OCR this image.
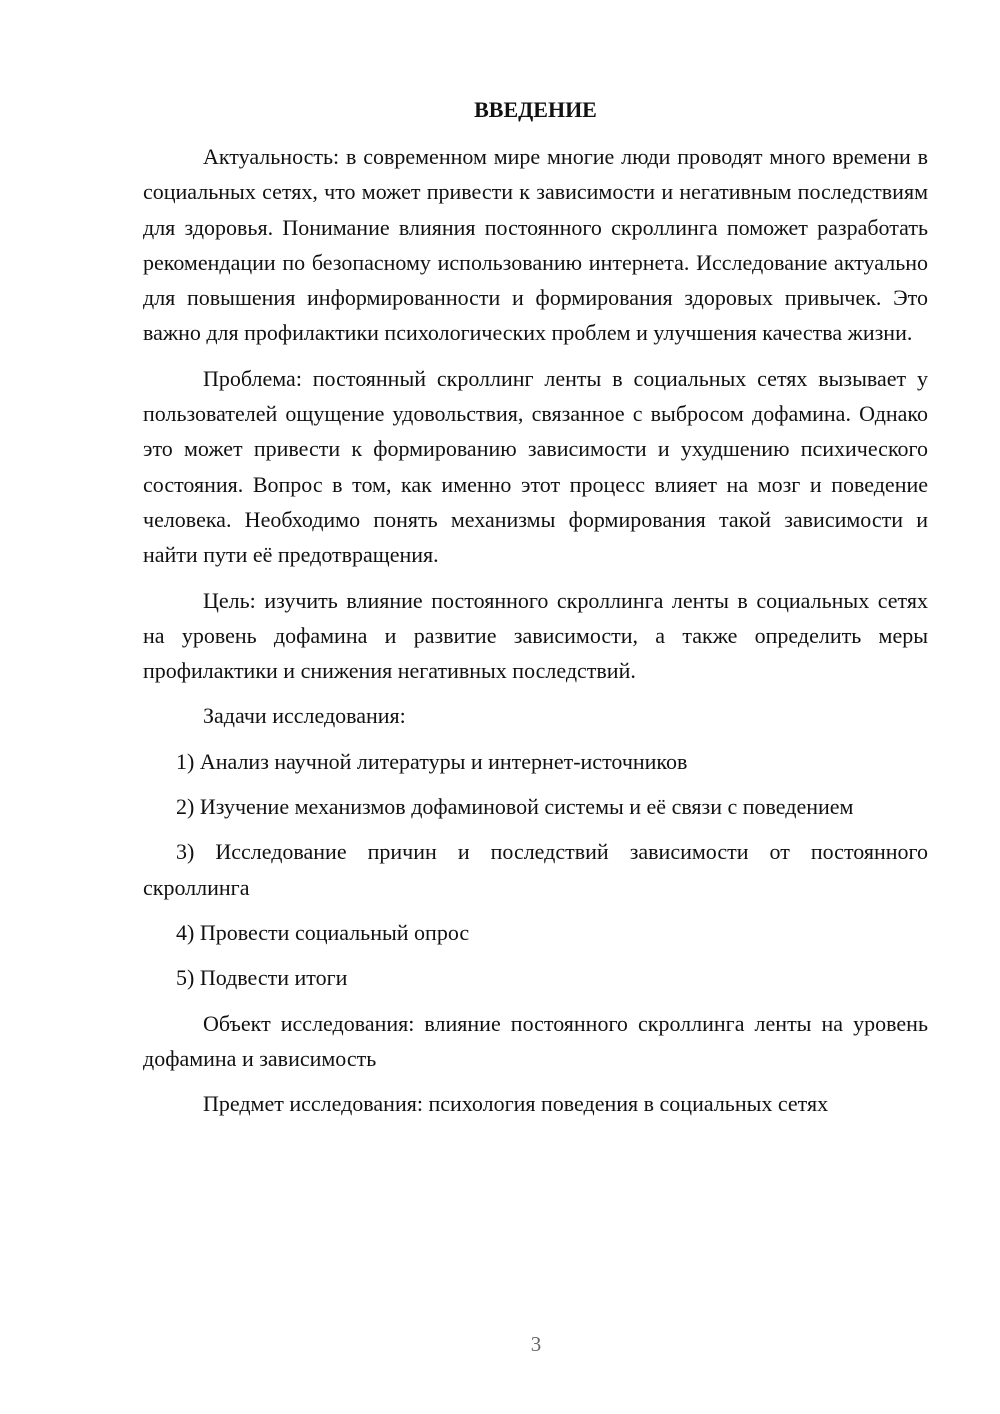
ВВЕДЕНИЕ

Актуальность: в современном мире многие люди проводят много времени в социальных сетях, что может привести к зависимости и негативным последствиям для здоровья. Понимание влияния постоянного скроллинга поможет разработать рекомендации по безопасному использованию интернета. Исследование актуально для повышения информированности и формирования здоровых привычек. Это важно для профилактики психологических проблем и улучшения качества жизни.

Проблема: постоянный скроллинг ленты в социальных сетях вызывает у пользователей ощущение удовольствия, связанное с выбросом дофамина. Однако это может привести к формированию зависимости и ухудшению психического состояния. Вопрос в том, как именно этот процесс влияет на мозг и поведение человека. Необходимо понять механизмы формирования такой зависимости и найти пути её предотвращения.

Цель: изучить влияние постоянного скроллинга ленты в социальных сетях на уровень дофамина и развитие зависимости, а также определить меры профилактики и снижения негативных последствий.

Задачи исследования:

1) Анализ научной литературы и интернет-источников

2) Изучение механизмов дофаминовой системы и её связи с поведением

3) Исследование причин и последствий зависимости от постоянного скроллинга

4) Провести социальный опрос

5) Подвести итоги

Объект исследования: влияние постоянного скроллинга ленты на уровень дофамина и зависимость

Предмет исследования: психология поведения в социальных сетях

3
